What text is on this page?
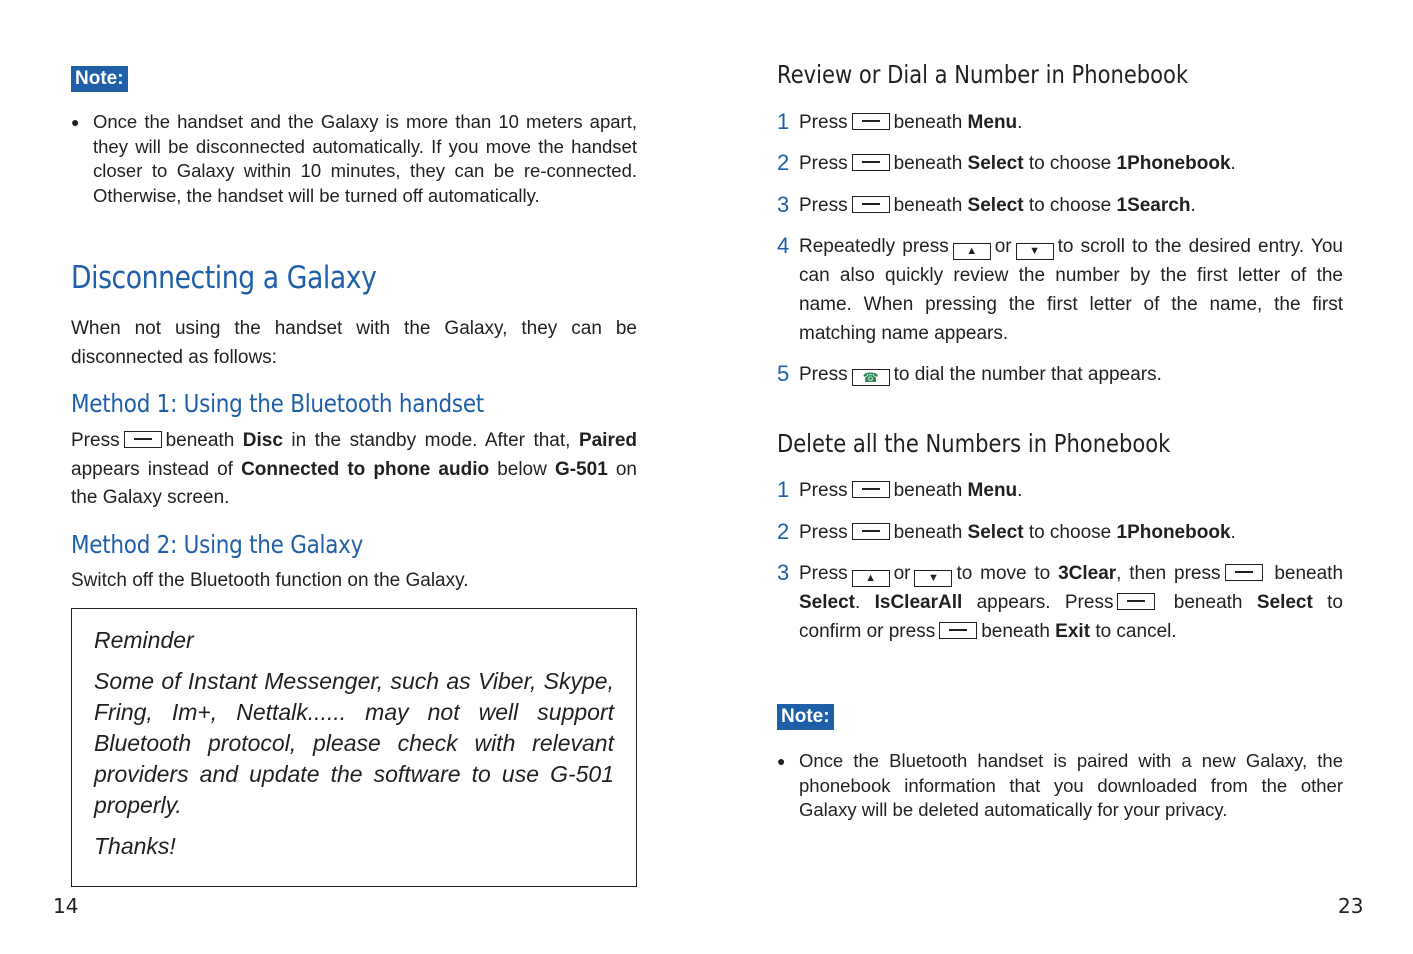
Note:
● Once the handset and the Galaxy is more than 10 meters apart, they will be disconnected automatically. If you move the handset closer to Galaxy within 10 minutes, they can be re-connected. Otherwise, the handset will be turned off automatically.
Disconnecting a Galaxy
When not using the handset with the Galaxy, they can be disconnected as follows:
Method 1: Using the Bluetooth handset
Press beneath Disc in the standby mode. After that, Paired appears instead of Connected to phone audio below G-501 on the Galaxy screen.
Method 2: Using the Galaxy
Switch off the Bluetooth function on the Galaxy.

Reminder

Some of Instant Messenger, such as Viber, Skype, Fring, Im+, Nettalk...... may not well support Bluetooth protocol, please check with relevant providers and update the software to use G-501 properly.

Thanks!

14
Review or Dial a Number in Phonebook
1 Press beneath Menu.
2 Press beneath Select to choose 1Phonebook.
3 Press beneath Select to choose 1Search.
4 Repeatedly press ▲ or ▼ to scroll to the desired entry. You can also quickly review the number by the first letter of the name. When pressing the first letter of the name, the first matching name appears.
5 Press ☎ to dial the number that appears.
Delete all the Numbers in Phonebook
1 Press beneath Menu.
2 Press beneath Select to choose 1Phonebook.
3 Press ▲ or ▼ to move to 3Clear, then press	beneath Select. IsClearAll appears. Press	beneath Select to confirm or press beneath Exit to cancel.
Note:
● Once the Bluetooth handset is paired with a new Galaxy, the phonebook information that you downloaded from the other Galaxy will be deleted automatically for your privacy.
23
